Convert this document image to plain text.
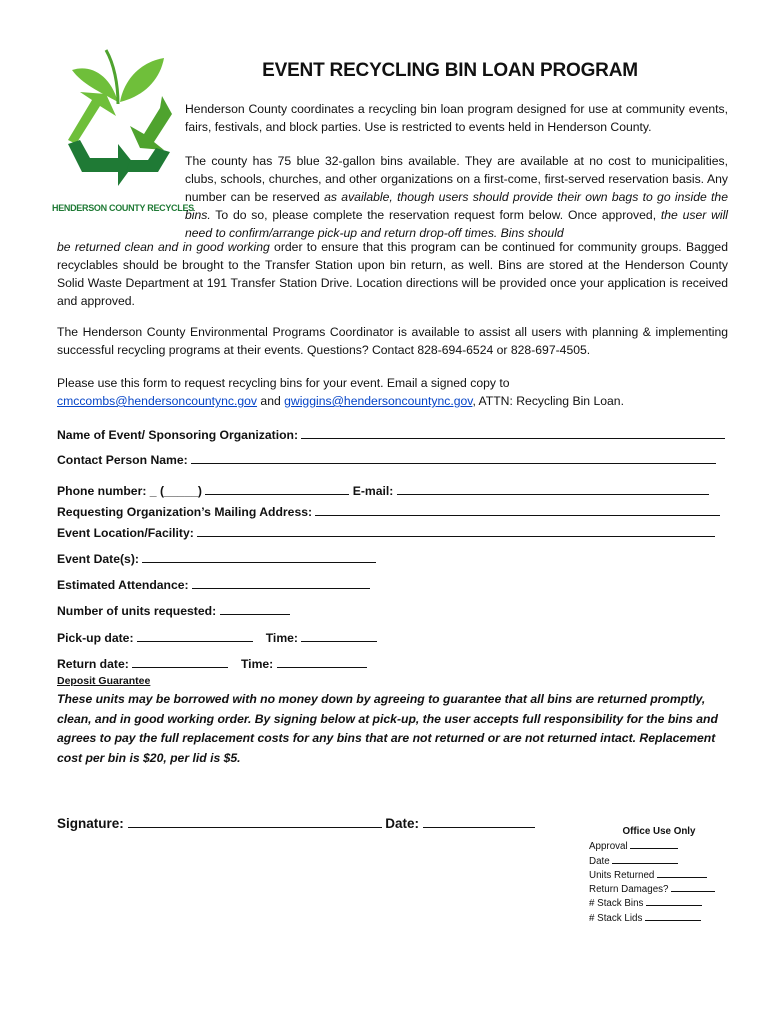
HENDERSON COUNTY RECYCLES
EVENT RECYCLING BIN LOAN PROGRAM

Henderson County coordinates a recycling bin loan program designed for use at community events, fairs, festivals, and block parties. Use is restricted to events held in Henderson County.

The county has 75 blue 32-gallon bins available. They are available at no cost to municipalities, clubs, schools, churches, and other organizations on a first-come, first-served reservation basis. Any number can be reserved as available, though users should provide their own bags to go inside the bins. To do so, please complete the reservation request form below. Once approved, the user will need to confirm/arrange pick-up and return drop-off times. Bins should

be returned clean and in good working order to ensure that this program can be continued for community groups. Bagged recyclables should be brought to the Transfer Station upon bin return, as well. Bins are stored at the Henderson County Solid Waste Department at 191 Transfer Station Drive. Location directions will be provided once your application is received and approved.

The Henderson County Environmental Programs Coordinator is available to assist all users with planning & implementing successful recycling programs at their events. Questions? Contact 828-694-6524 or 828-697-4505.

Please use this form to request recycling bins for your event. Email a signed copy to
cmccombs@hendersoncountync.gov and gwiggins@hendersoncountync.gov, ATTN: Recycling Bin Loan.

Name of Event/ Sponsoring Organization:
Contact Person Name:
Phone number: _ (_____)	E-mail:
Requesting Organization’s Mailing Address:
Event Location/Facility:
Event Date(s):
Estimated Attendance:
Number of units requested:
Pick-up date:	Time:
Return date:	Time:
Deposit Guarantee
These units may be borrowed with no money down by agreeing to guarantee that all bins are returned promptly, clean, and in good working order. By signing below at pick-up, the user accepts full responsibility for the bins and agrees to pay the full replacement costs for any bins that are not returned or are not returned intact. Replacement cost per bin is $20, per lid is $5.
Signature:	Date:
Office Use Only
Approval
Date
Units Returned
Return Damages?
# Stack Bins
# Stack Lids
